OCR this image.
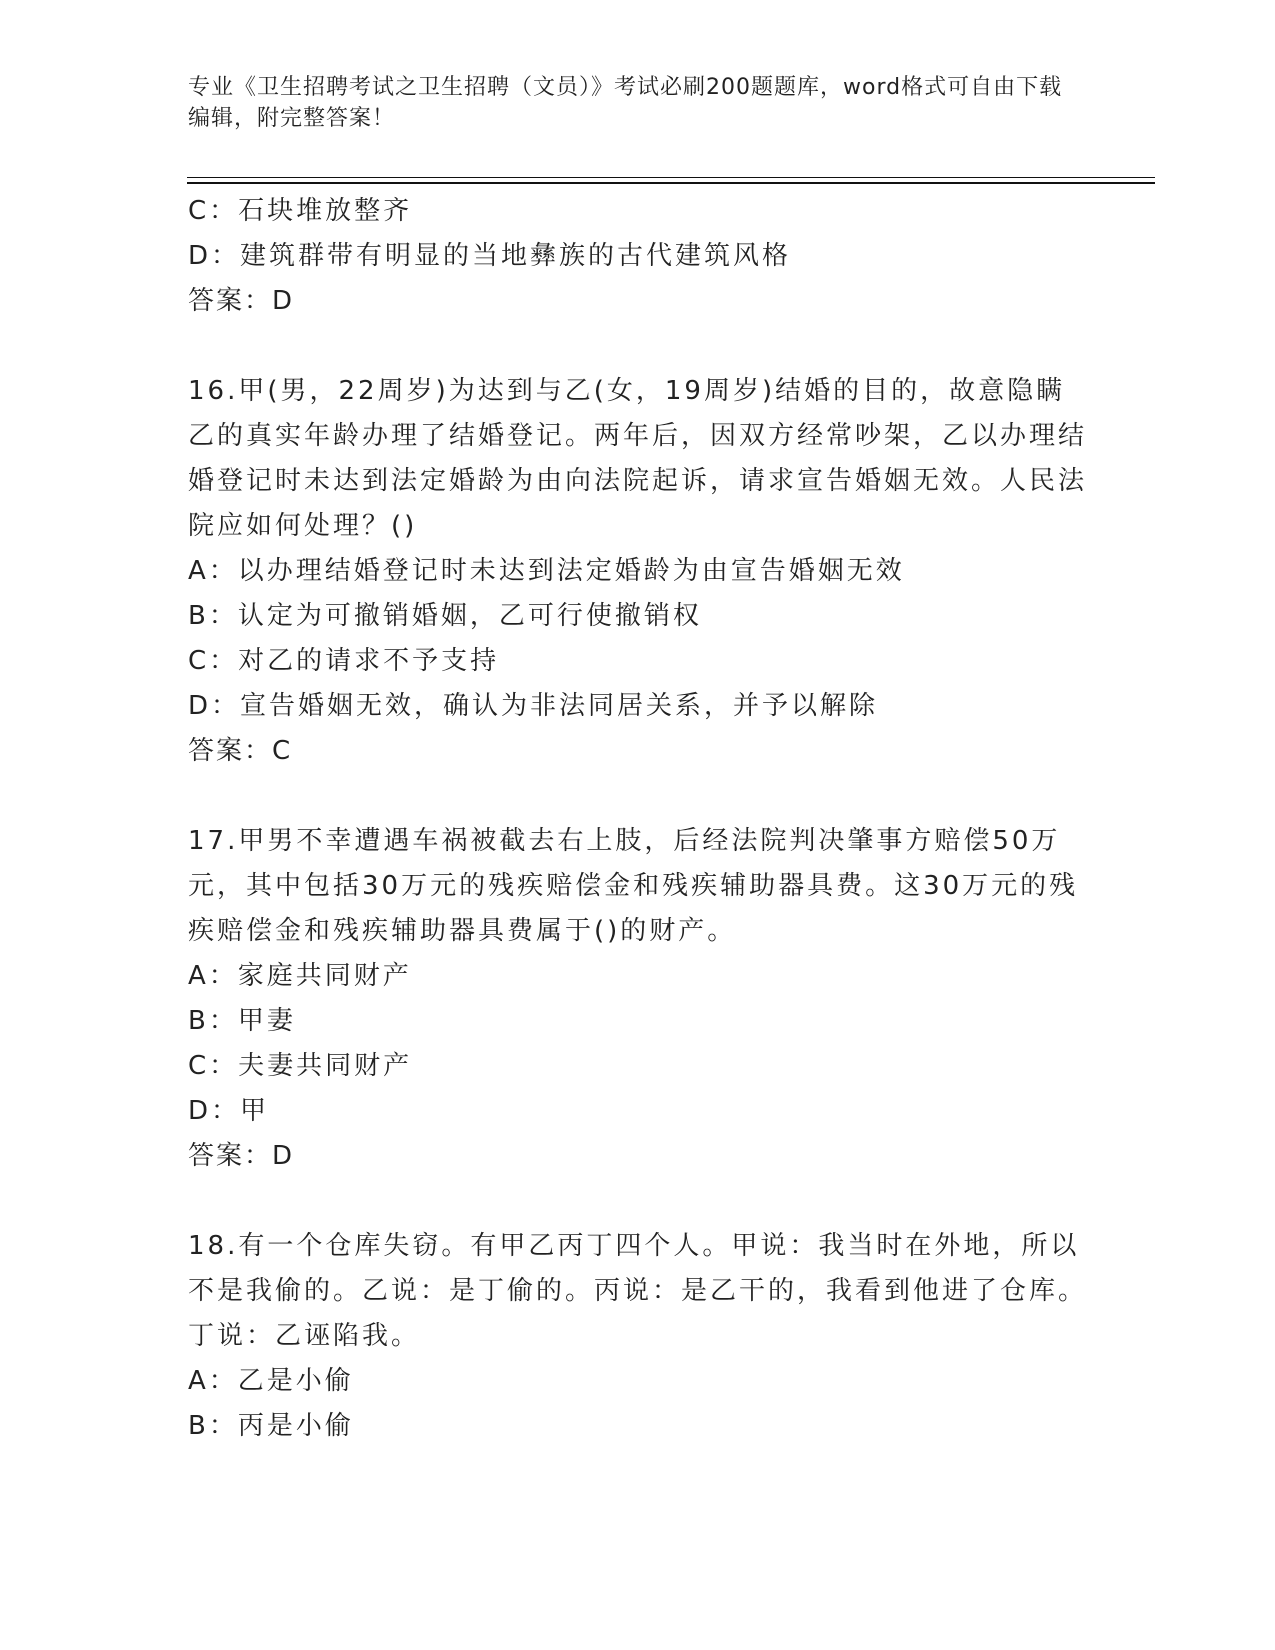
专业《卫生招聘考试之卫生招聘（文员）》考试必刷200题题库，word格式可自由下载编辑，附完整答案！
C：石块堆放整齐
D：建筑群带有明显的当地彝族的古代建筑风格
答案：D
16.甲(男，22周岁)为达到与乙(女，19周岁)结婚的目的，故意隐瞒乙的真实年龄办理了结婚登记。两年后，因双方经常吵架，乙以办理结婚登记时未达到法定婚龄为由向法院起诉，请求宣告婚姻无效。人民法院应如何处理？()
A：以办理结婚登记时未达到法定婚龄为由宣告婚姻无效
B：认定为可撤销婚姻，乙可行使撤销权
C：对乙的请求不予支持
D：宣告婚姻无效，确认为非法同居关系，并予以解除
答案：C
17.甲男不幸遭遇车祸被截去右上肢，后经法院判决肇事方赔偿50万元，其中包括30万元的残疾赔偿金和残疾辅助器具费。这30万元的残疾赔偿金和残疾辅助器具费属于()的财产。
A：家庭共同财产
B：甲妻
C：夫妻共同财产
D：甲
答案：D
18.有一个仓库失窃。有甲乙丙丁四个人。甲说：我当时在外地，所以不是我偷的。乙说：是丁偷的。丙说：是乙干的，我看到他进了仓库。丁说：乙诬陷我。
A：乙是小偷
B：丙是小偷
